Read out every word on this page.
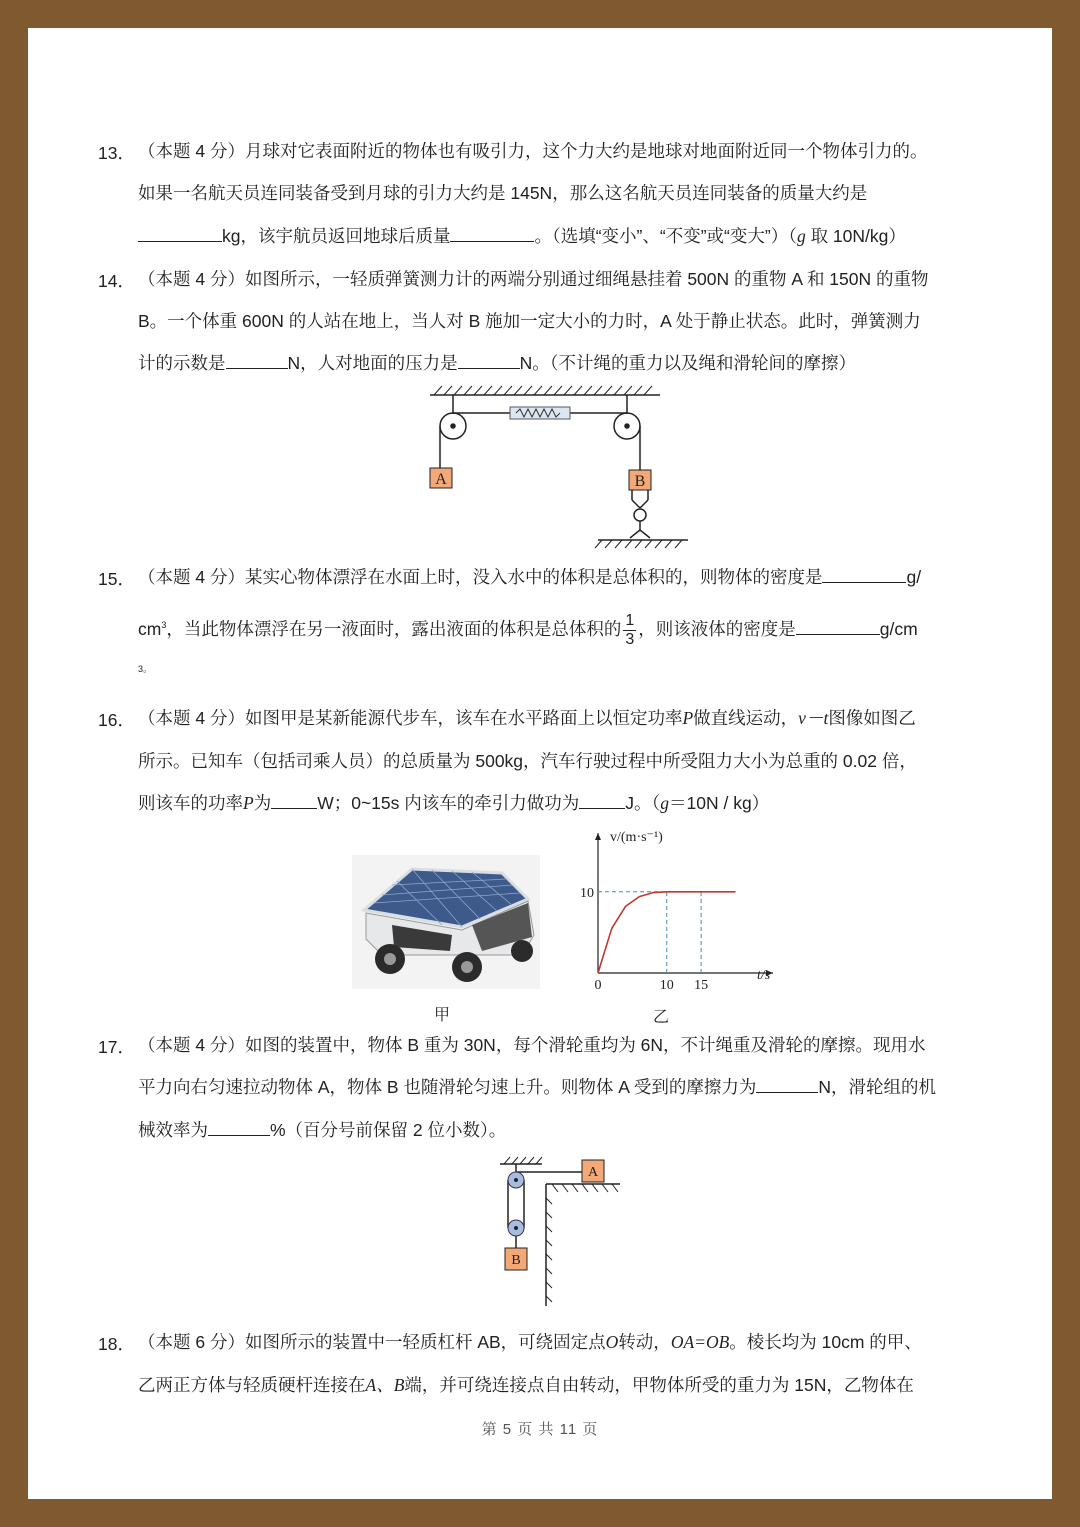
13． （本题 4 分）月球对它表面附近的物体也有吸引力，这个力大约是地球对地面附近同一个物体引力的。
如果一名航天员连同装备受到月球的引力大约是 145N，那么这名航天员连同装备的质量大约是
kg，该宇航员返回地球后质量	。（选填“变小”、“不变”或“变大”）（g 取 10N/kg）
14． （本题 4 分）如图所示，一轻质弹簧测力计的两端分别通过细绳悬挂着 500N 的重物 A 和 150N 的重物
B。一个体重 600N 的人站在地上，当人对 B 施加一定大小的力时，A 处于静止状态。此时，弹簧测力
计的示数是	N，人对地面的压力是	N。（不计绳的重力以及绳和滑轮间的摩擦）
A	B
15． （本题 4 分）某实心物体漂浮在水面上时，没入水中的体积是总体积的，则物体的密度是	g/
$cm^3$，当此物体漂浮在另一液面时，露出液面的体积是总体积的 $\frac{1}{3}$ ，则该液体的密度是	g/cm
3。
16． （本题 4 分）如图甲是某新能源代步车，该车在水平路面上以恒定功率P做直线运动，v－t图像如图乙
所示。已知车（包括司乘人员）的总质量为 500kg，汽车行驶过程中所受阻力大小为总重的 0.02 倍，
则该车的功率P为	W；0~15s 内该车的牵引力做功为	J。（g＝10N / kg）
v/(m·s⁻¹)
t/s
0	10 15
10
甲	乙
17． （本题 4 分）如图的装置中，物体 B 重为 30N，每个滑轮重均为 6N，不计绳重及滑轮的摩擦。现用水
平力向右匀速拉动物体 A，物体 B 也随滑轮匀速上升。则物体 A 受到的摩擦力为	N，滑轮组的机
械效率为	%（百分号前保留 2 位小数）。
A
B
18． （本题 6 分）如图所示的装置中一轻质杠杆 AB，可绕固定点O转动，OA=OB。棱长均为 10cm 的甲、
乙两正方体与轻质硬杆连接在A、B端，并可绕连接点自由转动，甲物体所受的重力为 15N，乙物体在
第 5 页 共 11 页
